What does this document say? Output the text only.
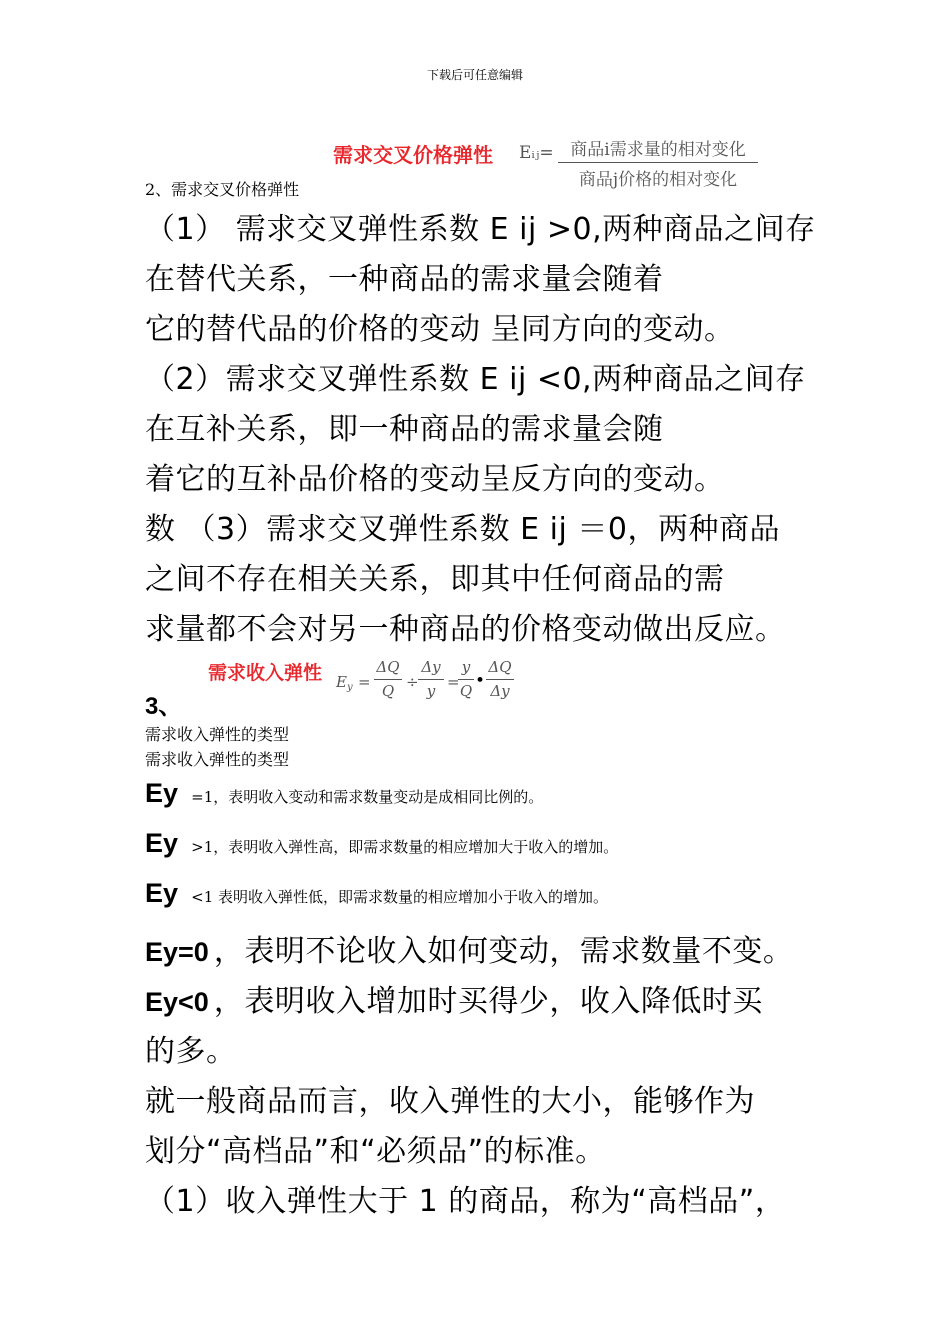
下载后可任意编辑
需求交叉价格弹性 Eᵢⱼ= 商品i需求量的相对变化
商品j价格的相对变化
2、需求交叉价格弹性
（1） 需求交叉弹性系数 E ij >0,两种商品之间存
在替代关系，一种商品的需求量会随着
它的替代品的价格的变动 呈同方向的变动。
（2）需求交叉弹性系数 E ij <0,两种商品之间存
在互补关系，即一种商品的需求量会随
着它的互补品价格的变动呈反方向的变动。
数 （3）需求交叉弹性系数 E ij ＝0，两种商品
之间不存在相关关系，即其中任何商品的需
求量都不会对另一种商品的价格变动做出反应。
需求收入弹性 E y =
ΔQ
Q ÷
Δy
y =
y
Q •
ΔQ
Δy
3、
需求收入弹性的类型
需求收入弹性的类型
Ey =1，表明收入变动和需求数量变动是成相同比例的。
Ey >1，表明收入弹性高，即需求数量的相应增加大于收入的增加。
Ey <1 表明收入弹性低，即需求数量的相应增加小于收入的增加。
Ey=0 ，表明不论收入如何变动，需求数量不变。
Ey<0 ，表明收入增加时买得少，收入降低时买
的多。
就一般商品而言，收入弹性的大小，能够作为
划分“高档品”和“必须品”的标准。
（1）收入弹性大于 1 的商品，称为“高档品”，
